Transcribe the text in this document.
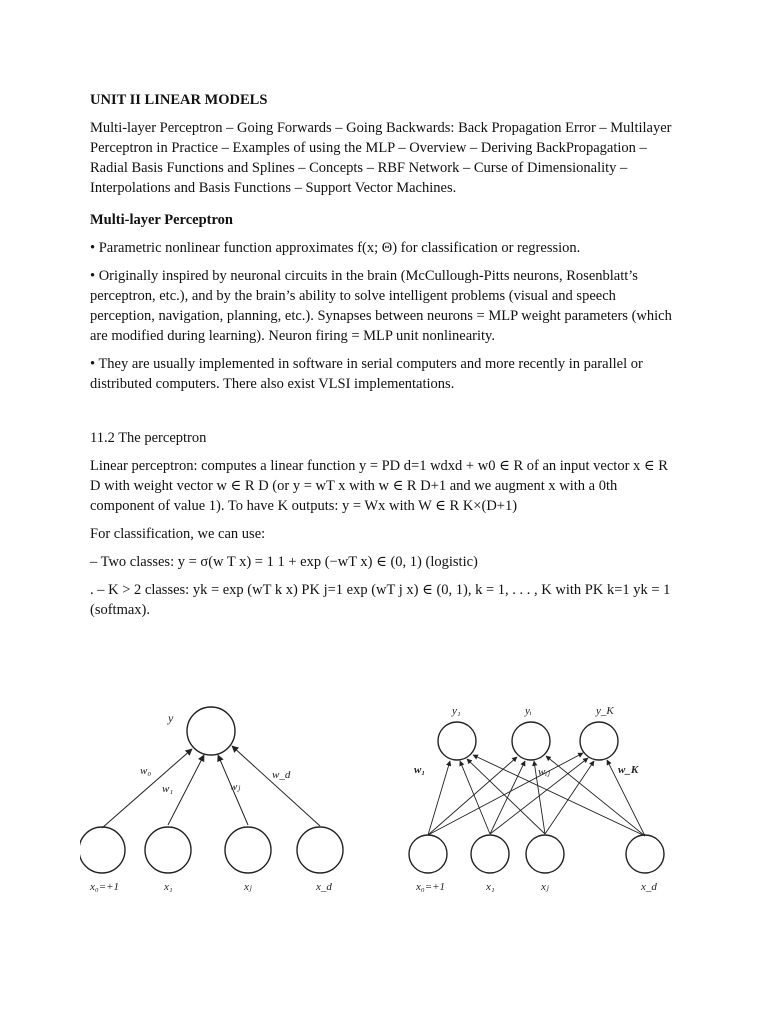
UNIT II LINEAR MODELS

Multi-layer Perceptron – Going Forwards – Going Backwards: Back Propagation Error – Multilayer Perceptron in Practice – Examples of using the MLP – Overview – Deriving BackPropagation – Radial Basis Functions and Splines – Concepts – RBF Network – Curse of Dimensionality – Interpolations and Basis Functions – Support Vector Machines.

Multi-layer Perceptron

• Parametric nonlinear function approximates f(x; Θ) for classification or regression.

• Originally inspired by neuronal circuits in the brain (McCullough-Pitts neurons, Rosenblatt’s perceptron, etc.), and by the brain’s ability to solve intelligent problems (visual and speech perception, navigation, planning, etc.). Synapses between neurons = MLP weight parameters (which are modified during learning). Neuron firing = MLP unit nonlinearity.

• They are usually implemented in software in serial computers and more recently in parallel or distributed computers. There also exist VLSI implementations.

11.2 The perceptron

Linear perceptron: computes a linear function y = PD d=1 wdxd + w0 ∈ R of an input vector x ∈ R D with weight vector w ∈ R D (or y = wT x with w ∈ R D+1 and we augment x with a 0th component of value 1). To have K outputs: y = Wx with W ∈ R K×(D+1)

For classification, we can use:

– Two classes: y = σ(w T x) = 1 1 + exp (−wT x) ∈ (0, 1) (logistic)

. – K > 2 classes: yk = exp (wT k x) PK j=1 exp (wT j x) ∈ (0, 1), k = 1, . . . , K with PK k=1 yk = 1 (softmax).

y
w₀
w₁	wⱼ
w_d
x₀=+1	x₁	xⱼ	x_d
y₁	yᵢ	y_K
w₁	wᵢⱼ	w_K
x₀=+1	x₁	xⱼ	x_d
